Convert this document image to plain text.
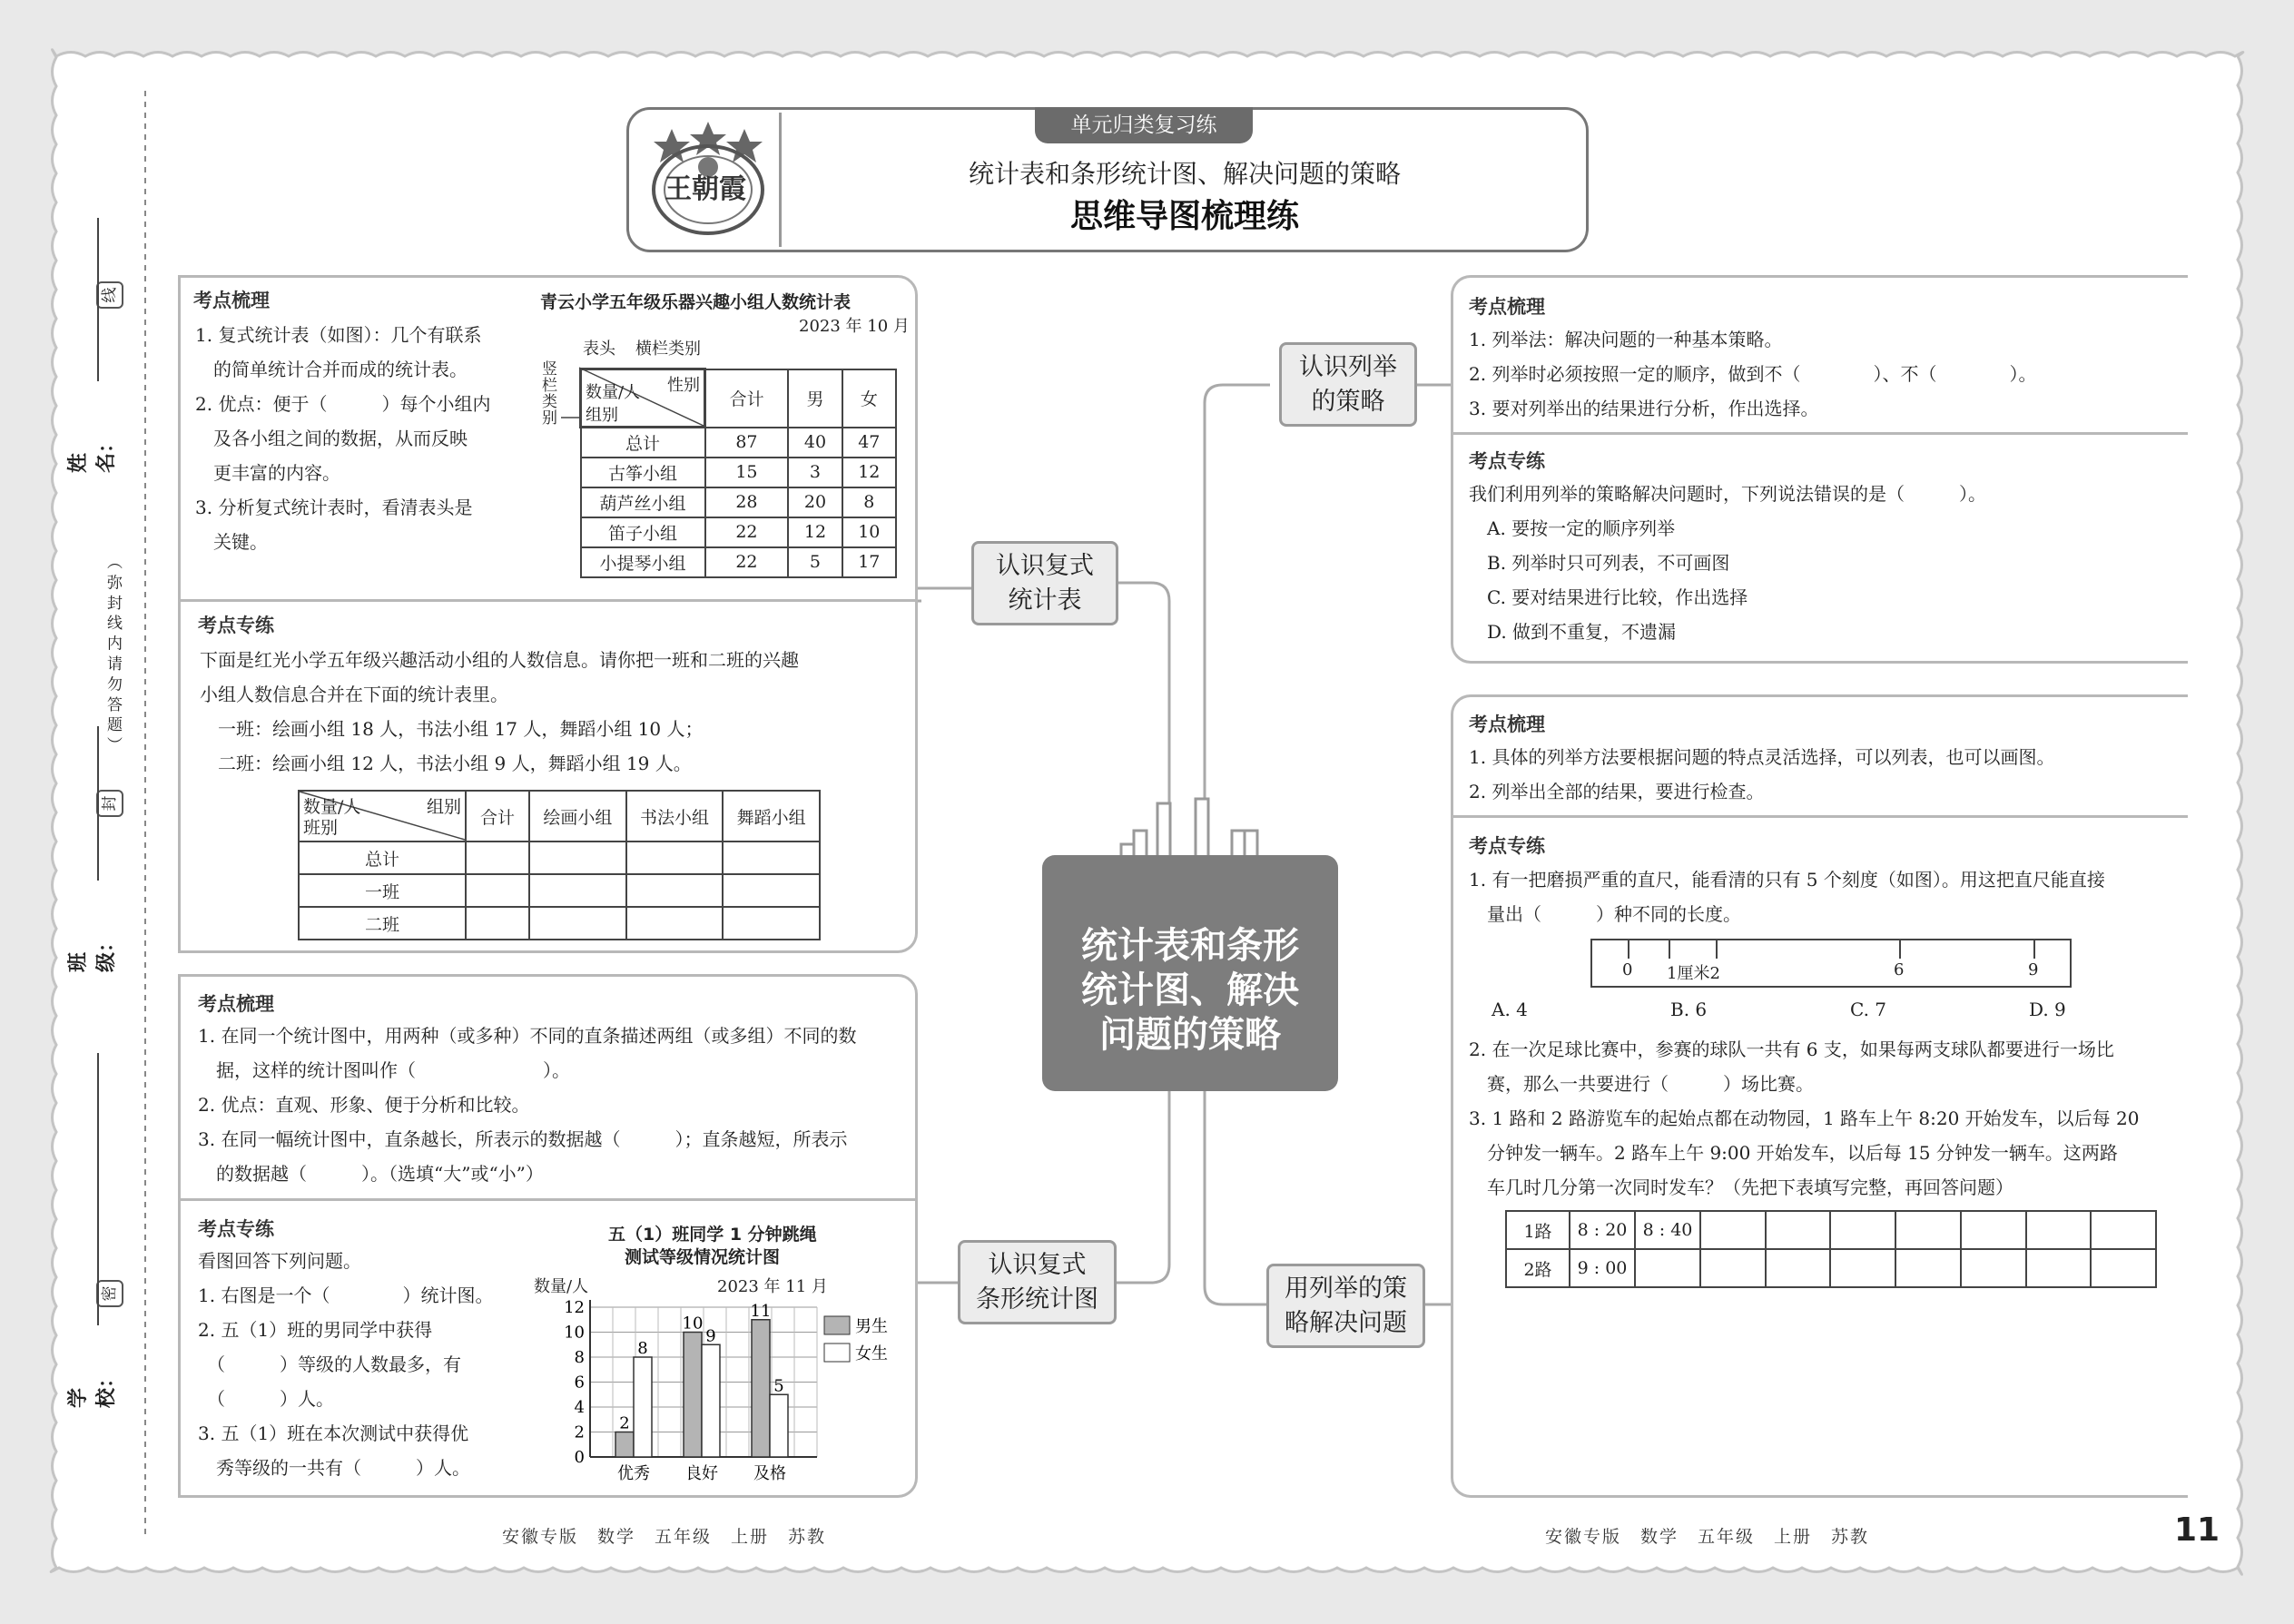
线
封
密
姓名：
班级：
学校：
（ 弥 封 线 内 请 勿 答 题 ）
王朝霞
单元归类复习练
统计表和条形统计图、解决问题的策略
思维导图梳理练
考点梳理
1. 复式统计表（如图）：几个有联系
　的简单统计合并而成的统计表。
2. 优点：便于（　　　）每个小组内
　及各小组之间的数据，从而反映
　更丰富的内容。
3. 分析复式统计表时，看清表头是
　关键。
青云小学五年级乐器兴趣小组人数统计表
2023 年 10 月
表头 横栏类别
竖栏类别
数量/人 性别
组别	合计	男	女
总计	87	40	47
古筝小组	15	3	12
葫芦丝小组	28	20	8
笛子小组	22	12	10
小提琴小组	22	5	17
考点专练
下面是红光小学五年级兴趣活动小组的人数信息。请你把一班和二班的兴趣
小组人数信息合并在下面的统计表里。
　一班：绘画小组 18 人，书法小组 17 人，舞蹈小组 10 人；
　二班：绘画小组 12 人，书法小组 9 人，舞蹈小组 19 人。
数量/人 组别
班别	合计	绘画小组	书法小组	舞蹈小组
总计				
一班				
二班				
考点梳理
1. 在同一个统计图中，用两种（或多种）不同的直条描述两组（或多组）不同的数
　据，这样的统计图叫作（　　　　　　　）。
2. 优点：直观、形象、便于分析和比较。
3. 在同一幅统计图中，直条越长，所表示的数据越（　　　）；直条越短，所表示
　的数据越（　　　）。（选填“大”或“小”）
考点专练
看图回答下列问题。
1. 右图是一个（　　　　）统计图。
2. 五（1）班的男同学中获得
　（　　　）等级的人数最多，有
　（　　　）人。
3. 五（1）班在本次测试中获得优
　秀等级的一共有（　　　）人。
五（1）班同学 1 分钟跳绳
测试等级情况统计图
数量/人	2023 年 11 月
0
2
4
6
8
10
12
2
8
优秀
10
9
良好
11
5
及格
男生
女生
统计表和条形
统计图、解决
问题的策略
认识复式
统计表
认识复式
条形统计图
认识列举
的策略
用列举的策
略解决问题
考点梳理
1. 列举法：解决问题的一种基本策略。
2. 列举时必须按照一定的顺序，做到不（　　　　）、不（　　　　）。
3. 要对列举出的结果进行分析，作出选择。
考点专练
我们利用列举的策略解决问题时，下列说法错误的是（　　　）。
　A. 要按一定的顺序列举
　B. 列举时只可列表，不可画图
　C. 要对结果进行比较，作出选择
　D. 做到不重复，不遗漏
考点梳理
1. 具体的列举方法要根据问题的特点灵活选择，可以列表，也可以画图。
2. 列举出全部的结果，要进行检查。
考点专练
1. 有一把磨损严重的直尺，能看清的只有 5 个刻度（如图）。用这把直尺能直接
　量出（　　　）种不同的长度。
0 1厘米2	6	9
A. 4	B. 6	C. 7	D. 9
2. 在一次足球比赛中，参赛的球队一共有 6 支，如果每两支球队都要进行一场比
　赛，那么一共要进行（　　　）场比赛。
3. 1 路和 2 路游览车的起始点都在动物园，1 路车上午 8:20 开始发车，以后每 20
　分钟发一辆车。2 路车上午 9:00 开始发车，以后每 15 分钟发一辆车。这两路
　车几时几分第一次同时发车？（先把下表填写完整，再回答问题）
1路	8 : 20	8 : 40							
2路	9 : 00								
安徽专版　数学　五年级　上册　苏教	安徽专版　数学　五年级　上册　苏教	11
